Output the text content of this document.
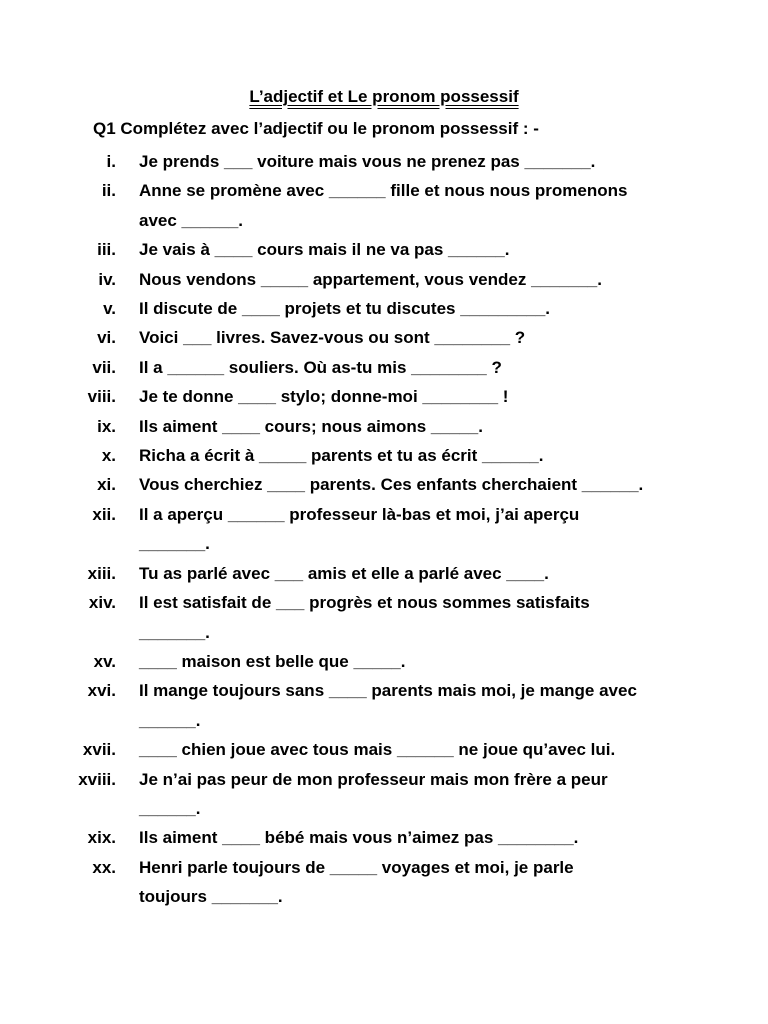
L’adjectif et Le pronom possessif
Q1 Complétez avec l’adjectif ou le pronom possessif : -
i. Je prends ___ voiture mais vous ne prenez pas _______.
ii. Anne se promène avec ______ fille et nous nous promenons
avec ______.
iii. Je vais à ____ cours mais il ne va pas ______.
iv. Nous vendons _____ appartement, vous vendez _______.
v. Il discute de ____ projets et tu discutes _________.
vi. Voici ___ livres. Savez-vous ou sont ________ ?
vii. Il a ______ souliers. Où as-tu mis ________ ?
viii. Je te donne ____ stylo; donne-moi ________ !
ix. Ils aiment ____ cours; nous aimons _____.
x. Richa a écrit à _____ parents et tu as écrit ______.
xi. Vous cherchiez ____ parents. Ces enfants cherchaient ______.
xii. Il a aperçu ______ professeur là-bas et moi, j’ai aperçu
_______.
xiii. Tu as parlé avec ___ amis et elle a parlé avec ____.
xiv. Il est satisfait de ___ progrès et nous sommes satisfaits
_______.
xv. ____ maison est belle que _____.
xvi. Il mange toujours sans ____ parents mais moi, je mange avec
______.
xvii. ____ chien joue avec tous mais ______ ne joue qu’avec lui.
xviii. Je n’ai pas peur de mon professeur mais mon frère a peur
______.
xix. Ils aiment ____ bébé mais vous n’aimez pas ________.
xx. Henri parle toujours de _____ voyages et moi, je parle
toujours _______.
